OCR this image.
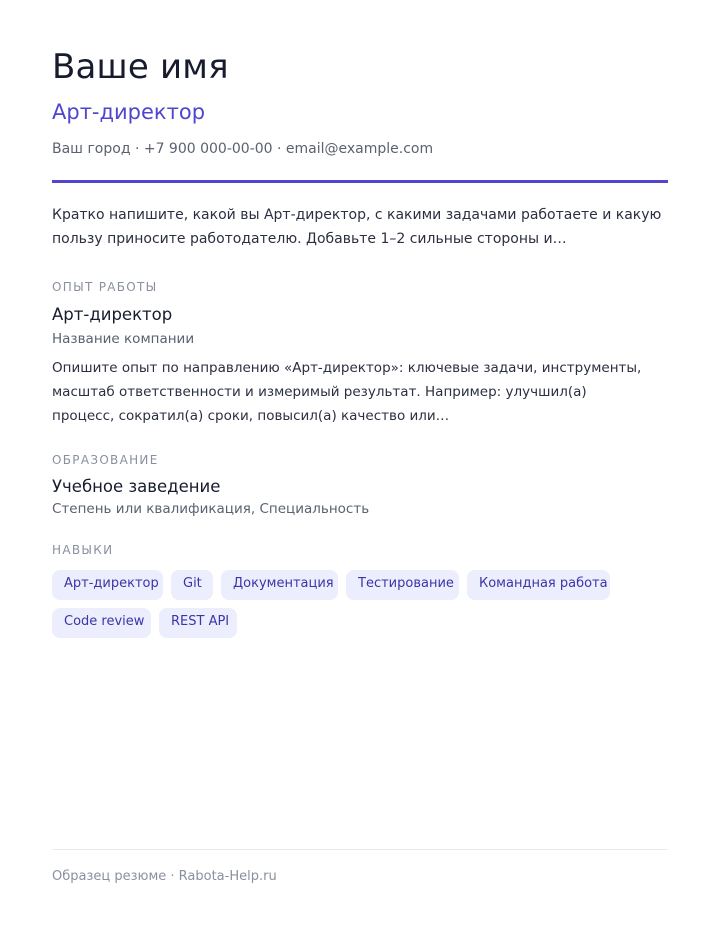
Ваше имя
Арт-директор
Ваш город · +7 900 000-00-00 · email@example.com
Кратко напишите, какой вы Арт-директор, с какими задачами работаете и какую пользу приносите работодателю. Добавьте 1–2 сильные стороны и…
ОПЫТ РАБОТЫ
Арт-директор
Название компании
Опишите опыт по направлению «Арт-директор»: ключевые задачи, инструменты, масштаб ответственности и измеримый результат. Например: улучшил(а) процесс, сократил(а) сроки, повысил(а) качество или…
ОБРАЗОВАНИЕ
Учебное заведение
Степень или квалификация, Специальность
НАВЫКИ
Арт-директор	Git	Документация	Тестирование	Командная работа
Code review	REST API
Образец резюме · Rabota-Help.ru
